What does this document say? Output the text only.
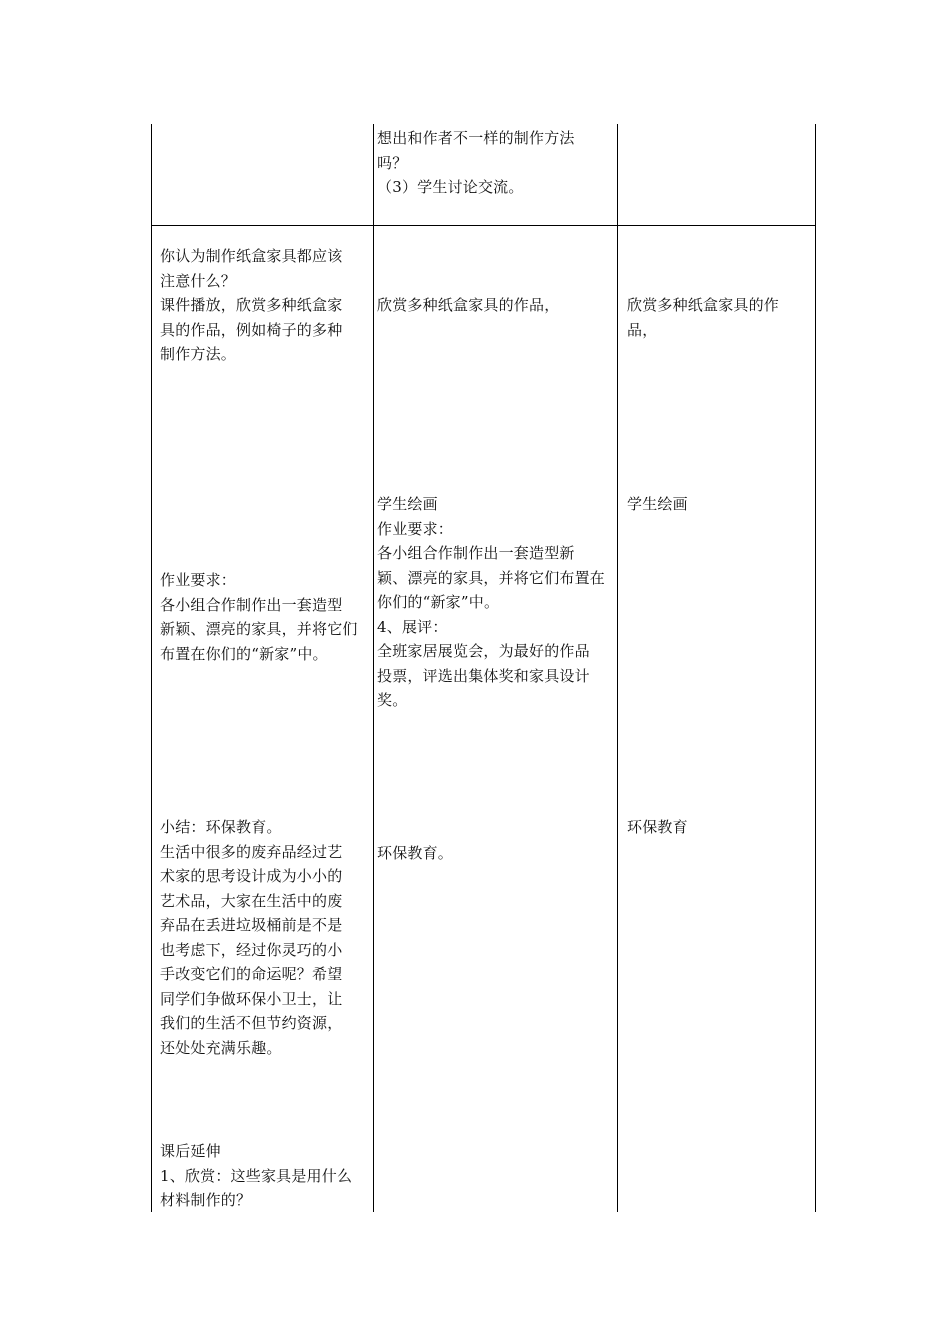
想出和作者不一样的制作方法
吗？
（3）学生讨论交流。
你认为制作纸盒家具都应该
注意什么？
课件播放，欣赏多种纸盒家
具的作品，例如椅子的多种
制作方法。
作业要求：
各小组合作制作出一套造型
新颖、漂亮的家具，并将它们
布置在你们的“新家”中。
小结：环保教育。
生活中很多的废弃品经过艺
术家的思考设计成为小小的
艺术品，大家在生活中的废
弃品在丢进垃圾桶前是不是
也考虑下，经过你灵巧的小
手改变它们的命运呢？希望
同学们争做环保小卫士，让
我们的生活不但节约资源，
还处处充满乐趣。
课后延伸
1、欣赏：这些家具是用什么
材料制作的？
欣赏多种纸盒家具的作品，
学生绘画
作业要求：
各小组合作制作出一套造型新
颖、漂亮的家具，并将它们布置在
你们的“新家”中。
4、展评：
全班家居展览会，为最好的作品
投票，评选出集体奖和家具设计
奖。
环保教育。
欣赏多种纸盒家具的作
品，
学生绘画
环保教育
